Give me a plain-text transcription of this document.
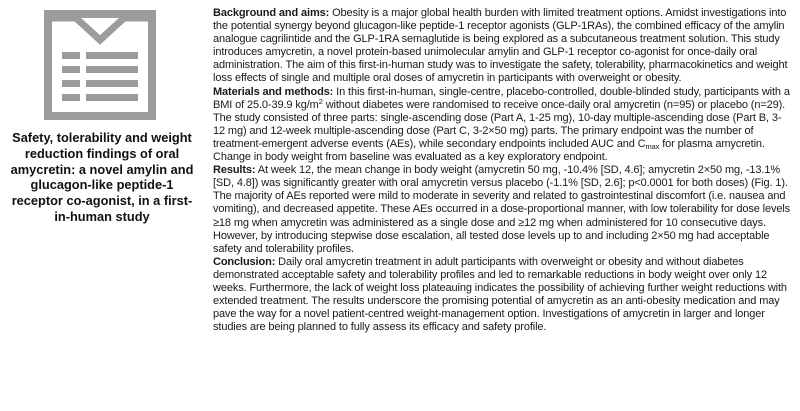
Safety, tolerability and weight reduction findings of oral amycretin: a novel amylin and glucagon-like peptide-1 receptor co-agonist, in a first-in-human study

Background and aims: Obesity is a major global health burden with limited treatment options. Amidst investigations into the potential synergy beyond glucagon-like peptide-1 receptor agonists (GLP-1RAs), the combined efficacy of the amylin analogue cagrilintide and the GLP-1RA semaglutide is being explored as a subcutaneous treatment solution. This study introduces amycretin, a novel protein-based unimolecular amylin and GLP-1 receptor co-agonist for once-daily oral administration. The aim of this first-in-human study was to investigate the safety, tolerability, pharmacokinetics and weight loss effects of single and multiple oral doses of amycretin in participants with overweight or obesity.

Materials and methods: In this first-in-human, single-centre, placebo-controlled, double-blinded study, participants with a BMI of 25.0-39.9 $kg/m^2$ without diabetes were randomised to receive once-daily oral amycretin (n=95) or placebo (n=29). The study consisted of three parts: single-ascending dose (Part A, 1-25 mg), 10-day multiple-ascending dose (Part B, 3-12 mg) and 12-week multiple-ascending dose (Part C, 3-2×50 mg) parts. The primary endpoint was the number of treatment-emergent adverse events (AEs), while secondary endpoints included AUC and $C_{max}$ for plasma amycretin. Change in body weight from baseline was evaluated as a key exploratory endpoint.

Results: At week 12, the mean change in body weight (amycretin 50 mg, -10.4% [SD, 4.6]; amycretin 2×50 mg, -13.1% [SD, 4.8]) was significantly greater with oral amycretin versus placebo (-1.1% [SD, 2.6]; p<0.0001 for both doses) (Fig. 1). The majority of AEs reported were mild to moderate in severity and related to gastrointestinal discomfort (i.e. nausea and vomiting), and decreased appetite. These AEs occurred in a dose-proportional manner, with low tolerability for dose levels ≥18 mg when amycretin was administered as a single dose and ≥12 mg when administered for 10 consecutive days. However, by introducing stepwise dose escalation, all tested dose levels up to and including 2×50 mg had acceptable safety and tolerability profiles.

Conclusion: Daily oral amycretin treatment in adult participants with overweight or obesity and without diabetes demonstrated acceptable safety and tolerability profiles and led to remarkable reductions in body weight over only 12 weeks. Furthermore, the lack of weight loss plateauing indicates the possibility of achieving further weight reductions with extended treatment. The results underscore the promising potential of amycretin as an anti-obesity medication and may pave the way for a novel patient-centred weight-management option. Investigations of amycretin in larger and longer studies are being planned to fully assess its efficacy and safety profile.
